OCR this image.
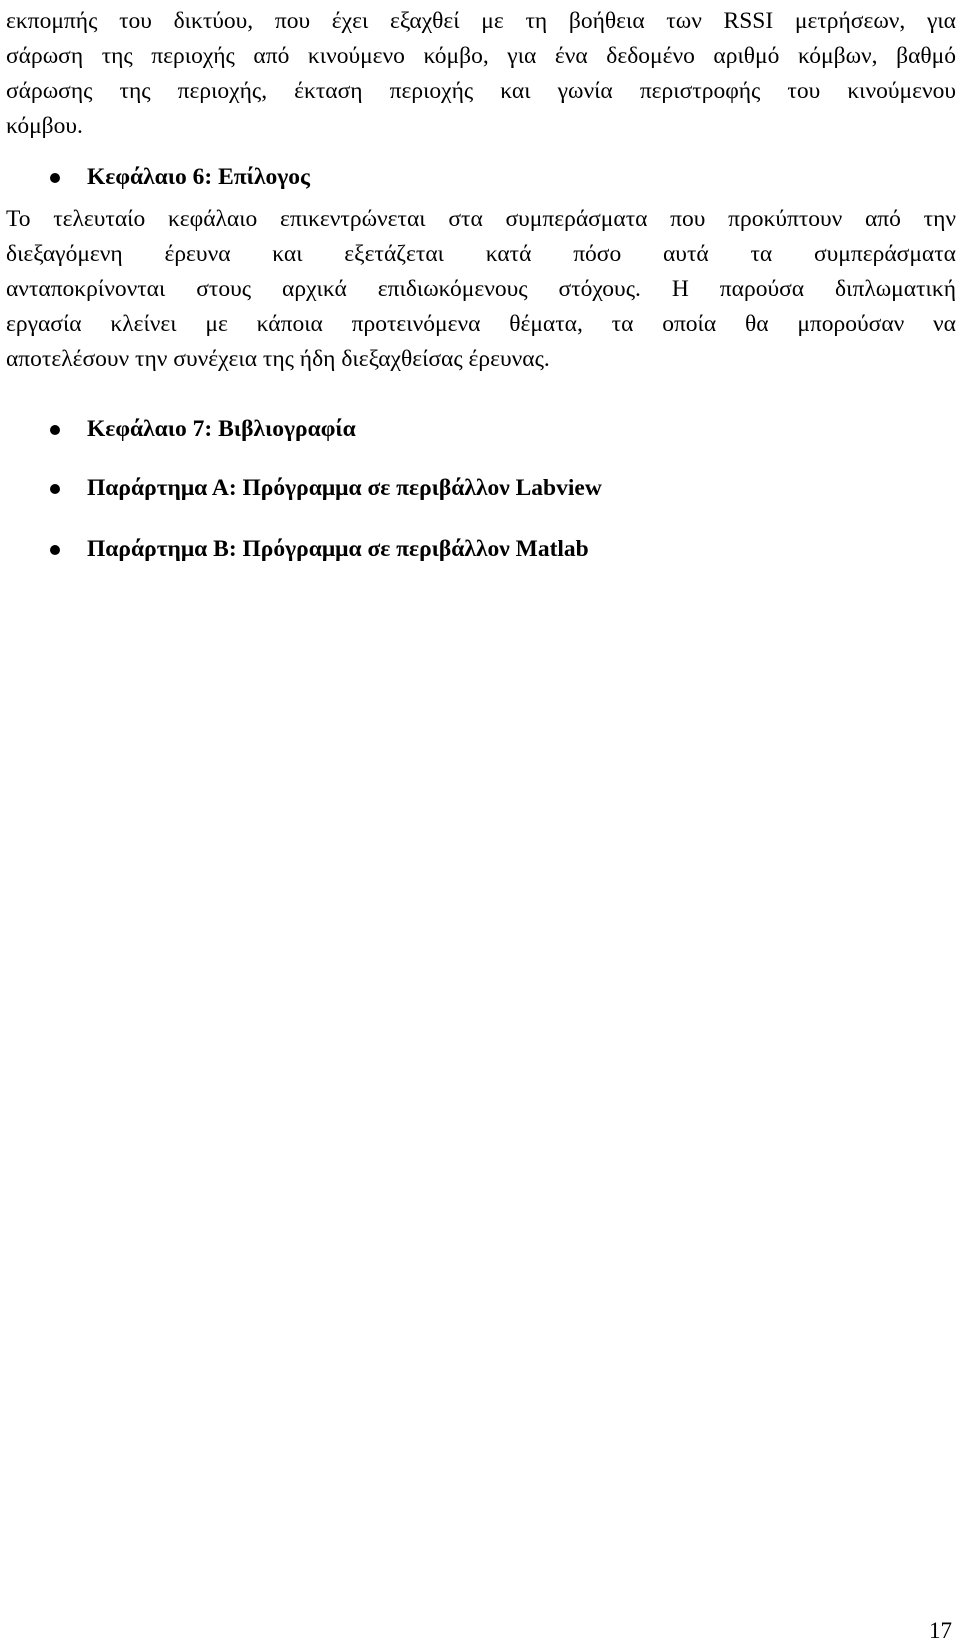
εκπομπής του δικτύου, που έχει εξαχθεί με τη βοήθεια των RSSI μετρήσεων, για
σάρωση της περιοχής από κινούμενο κόμβο, για ένα δεδομένο αριθμό κόμβων, βαθμό
σάρωσης της περιοχής, έκταση περιοχής και γωνία περιστροφής του κινούμενου
κόμβου.
Κεφάλαιο 6: Επίλογος
Το τελευταίο κεφάλαιο επικεντρώνεται στα συμπεράσματα που προκύπτουν από την
διεξαγόμενη έρευνα και εξετάζεται κατά πόσο αυτά τα συμπεράσματα
ανταποκρίνονται στους αρχικά επιδιωκόμενους στόχους. Η παρούσα διπλωματική
εργασία κλείνει με κάποια προτεινόμενα θέματα, τα οποία θα μπορούσαν να
αποτελέσουν την συνέχεια της ήδη διεξαχθείσας έρευνας.
Κεφάλαιο 7: Βιβλιογραφία
Παράρτημα Α: Πρόγραμμα σε περιβάλλον Labview
Παράρτημα Β: Πρόγραμμα σε περιβάλλον Matlab
17
